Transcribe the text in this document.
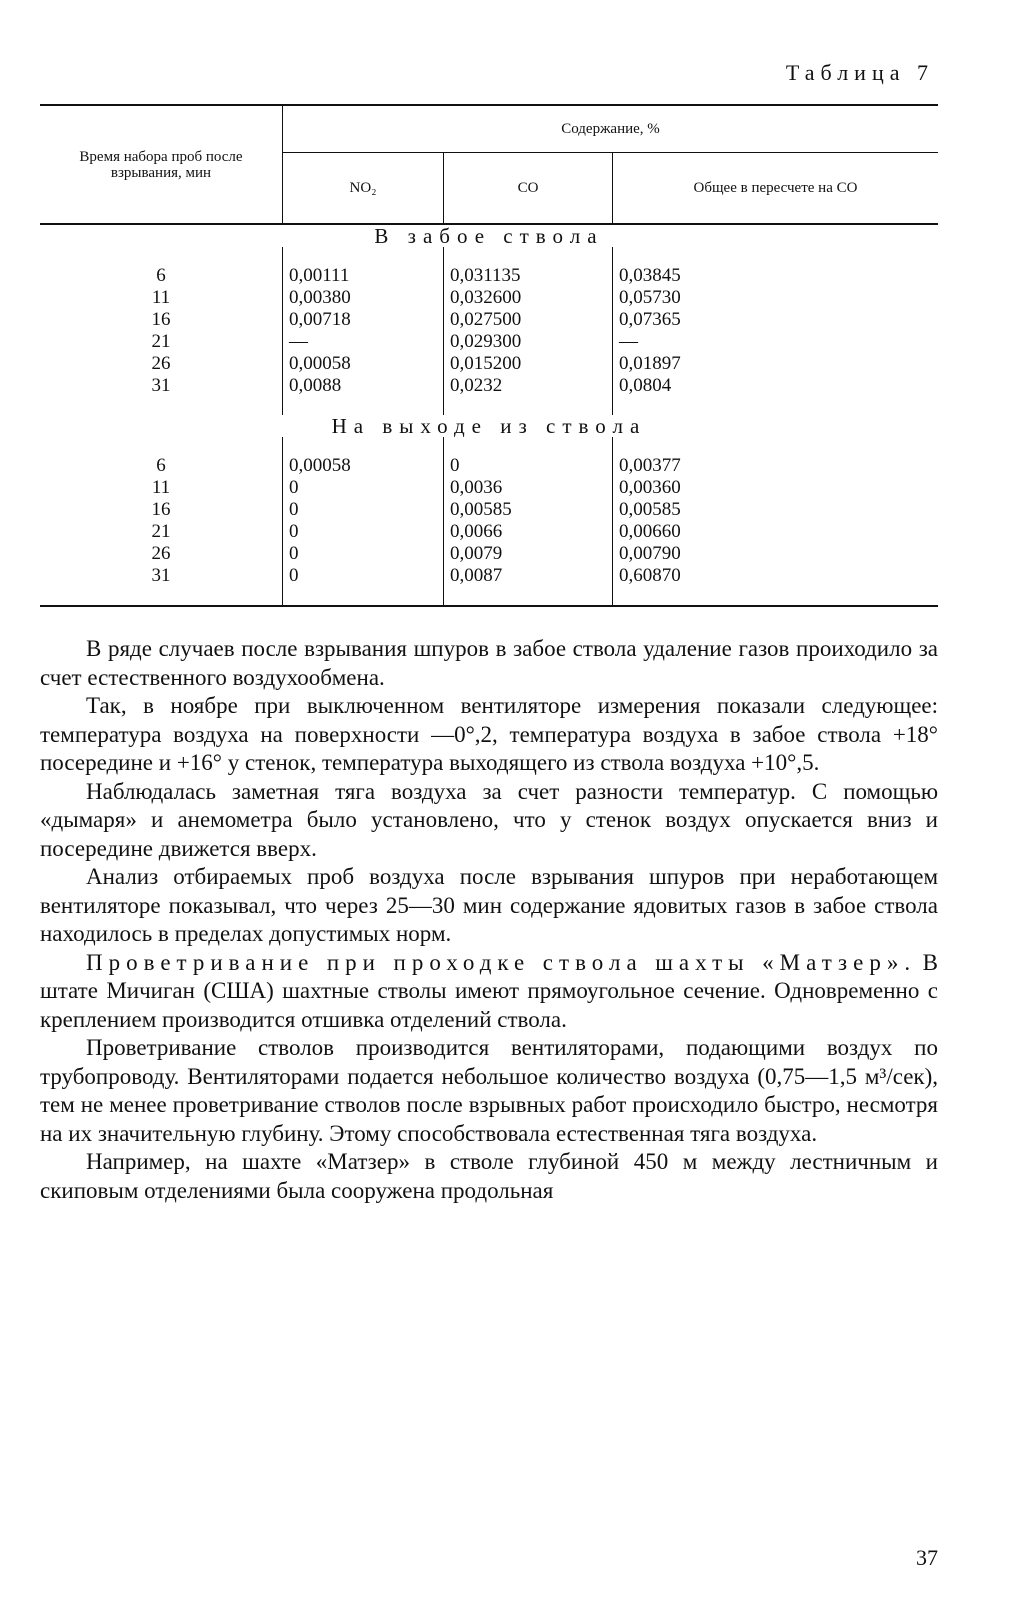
Таблица 7
Время набора проб после взрывания, мин	Содержание, %		
	NO₂	CO	Общее в пересчете на CO
В забое ствола			
6	0,00111	0,031135	0,03845
11	0,00380	0,032600	0,05730
16	0,00718	0,027500	0,07365
21	—	0,029300	—
26	0,00058	0,015200	0,01897
31	0,0088	0,0232	0,0804
На выходе из ствола			
6	0,00058	0	0,00377
11	0	0,0036	0,00360
16	0	0,00585	0,00585
21	0	0,0066	0,00660
26	0	0,0079	0,00790
31	0	0,0087	0,60870

В ряде случаев после взрывания шпуров в забое ствола удаление газов проиходило за счет естественного воздухообмена.

Так, в ноябре при выключенном вентиляторе измерения показали следующее: температура воздуха на поверхности —0°,2, температура воздуха в забое ствола +18° посередине и +16° у стенок, температура выходящего из ствола воздуха +10°,5.

Наблюдалась заметная тяга воздуха за счет разности температур. С помощью «дымаря» и анемометра было установлено, что у стенок воздух опускается вниз и посередине движется вверх.

Анализ отбираемых проб воздуха после взрывания шпуров при неработающем вентиляторе показывал, что через 25—30 мин содержание ядовитых газов в забое ствола находилось в пределах допустимых норм.

Проветривание при проходке ствола шахты «Матзер». В штате Мичиган (США) шахтные стволы имеют прямоугольное сечение. Одновременно с креплением производится отшивка отделений ствола.

Проветривание стволов производится вентиляторами, подающими воздух по трубопроводу. Вентиляторами подается небольшое количество воздуха (0,75—1,5 м³/сек), тем не менее проветривание стволов после взрывных работ происходило быстро, несмотря на их значительную глубину. Этому способствовала естественная тяга воздуха.

Например, на шахте «Матзер» в стволе глубиной 450 м между лестничным и скиповым отделениями была сооружена продольная

37
